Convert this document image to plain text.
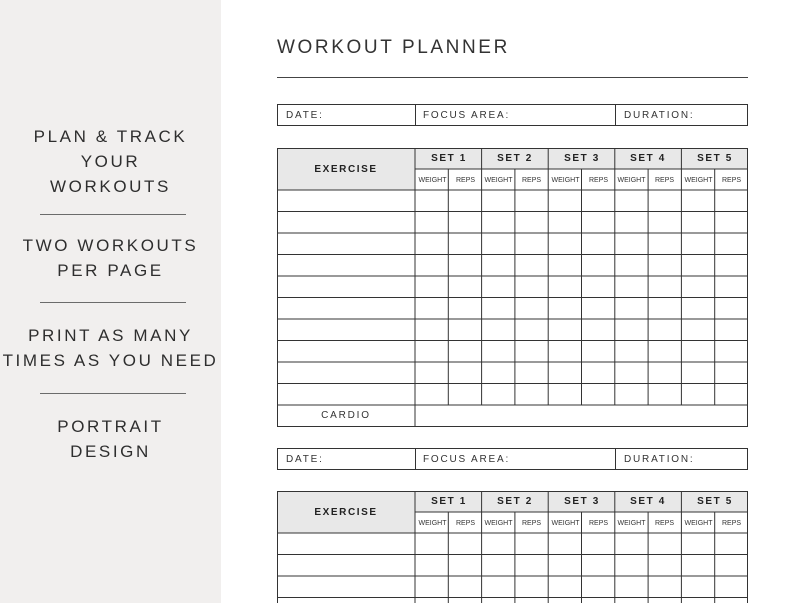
PLAN & TRACK
YOUR
WORKOUTS
TWO WORKOUTS
PER PAGE
PRINT AS MANY
TIMES AS YOU NEED
PORTRAIT
DESIGN
WORKOUT PLANNER
DATE:	FOCUS AREA:	DURATION:
EXERCISE
SET 1	SET 2	SET 3	SET 4	SET 5
WEIGHT	REPS	WEIGHT	REPS	WEIGHT	REPS	WEIGHT	REPS	WEIGHT	REPS
CARDIO
DATE:	FOCUS AREA:	DURATION:
EXERCISE
SET 1	SET 2	SET 3	SET 4	SET 5
WEIGHT	REPS	WEIGHT	REPS	WEIGHT	REPS	WEIGHT	REPS	WEIGHT	REPS
